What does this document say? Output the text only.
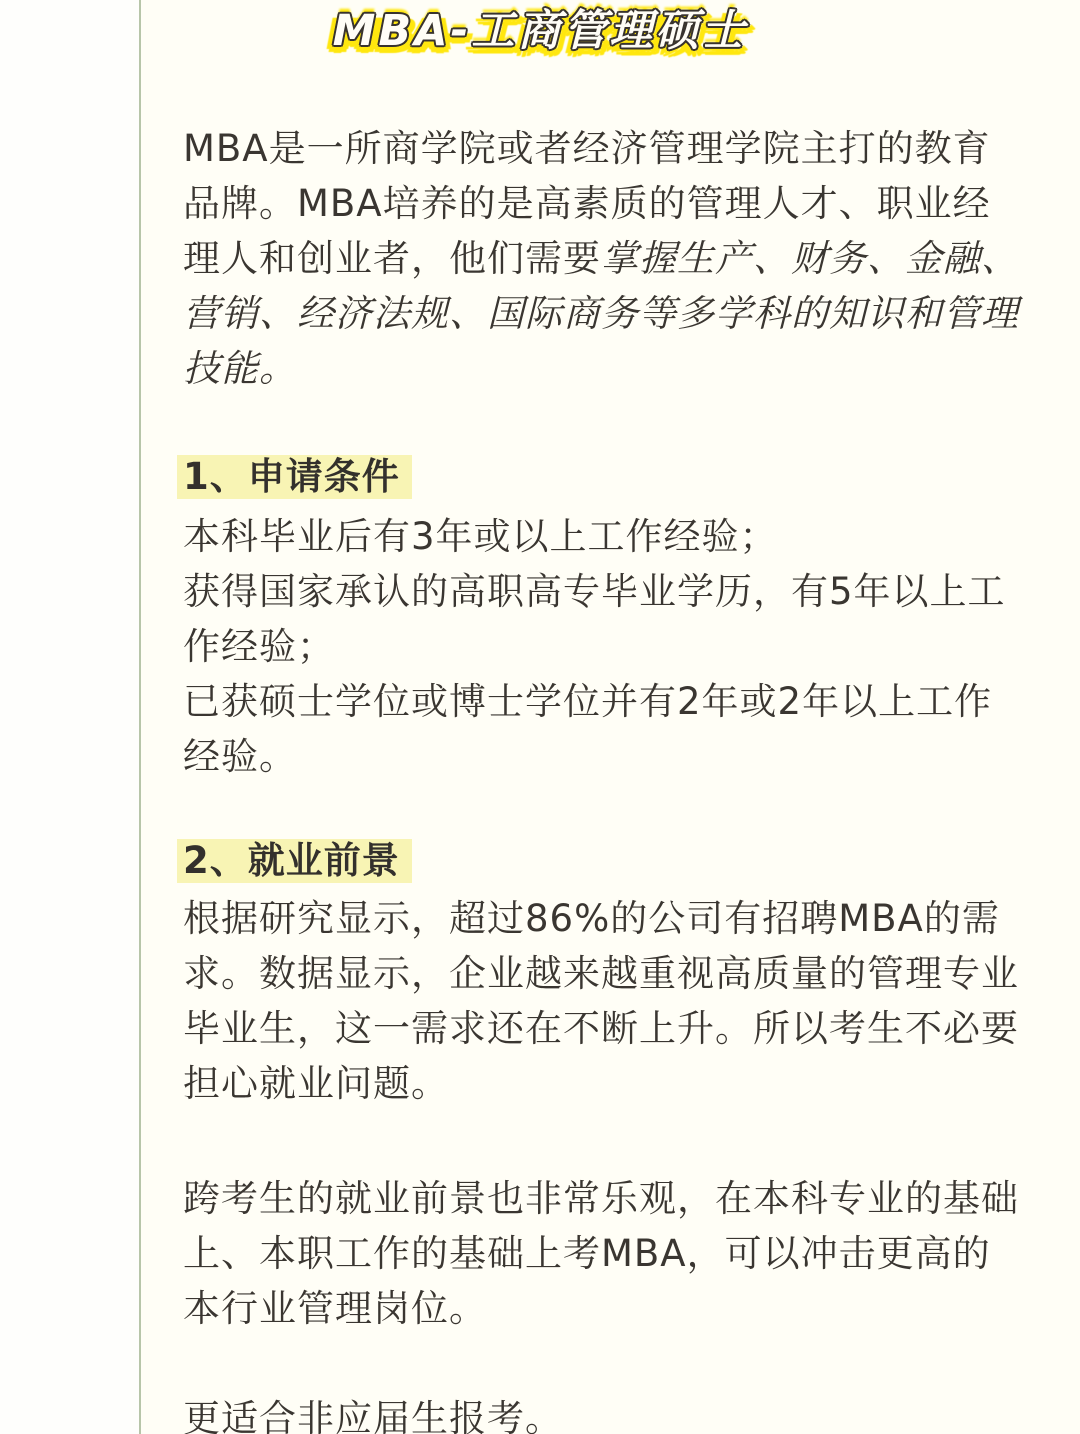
MBA-工商管理硕士
MBA是一所商学院或者经济管理学院主打的教育
品牌。MBA培养的是高素质的管理人才、职业经
理人和创业者，他们需要掌握生产、财务、金融、
营销、经济法规、国际商务等多学科的知识和管理
技能。
1、申请条件
本科毕业后有3年或以上工作经验；
获得国家承认的高职高专毕业学历，有5年以上工
作经验；
已获硕士学位或博士学位并有2年或2年以上工作
经验。
2、就业前景
根据研究显示，超过86%的公司有招聘MBA的需
求。数据显示，企业越来越重视高质量的管理专业
毕业生，这一需求还在不断上升。所以考生不必要
担心就业问题。
跨考生的就业前景也非常乐观，在本科专业的基础
上、本职工作的基础上考MBA，可以冲击更高的
本行业管理岗位。
更适合非应届生报考。
